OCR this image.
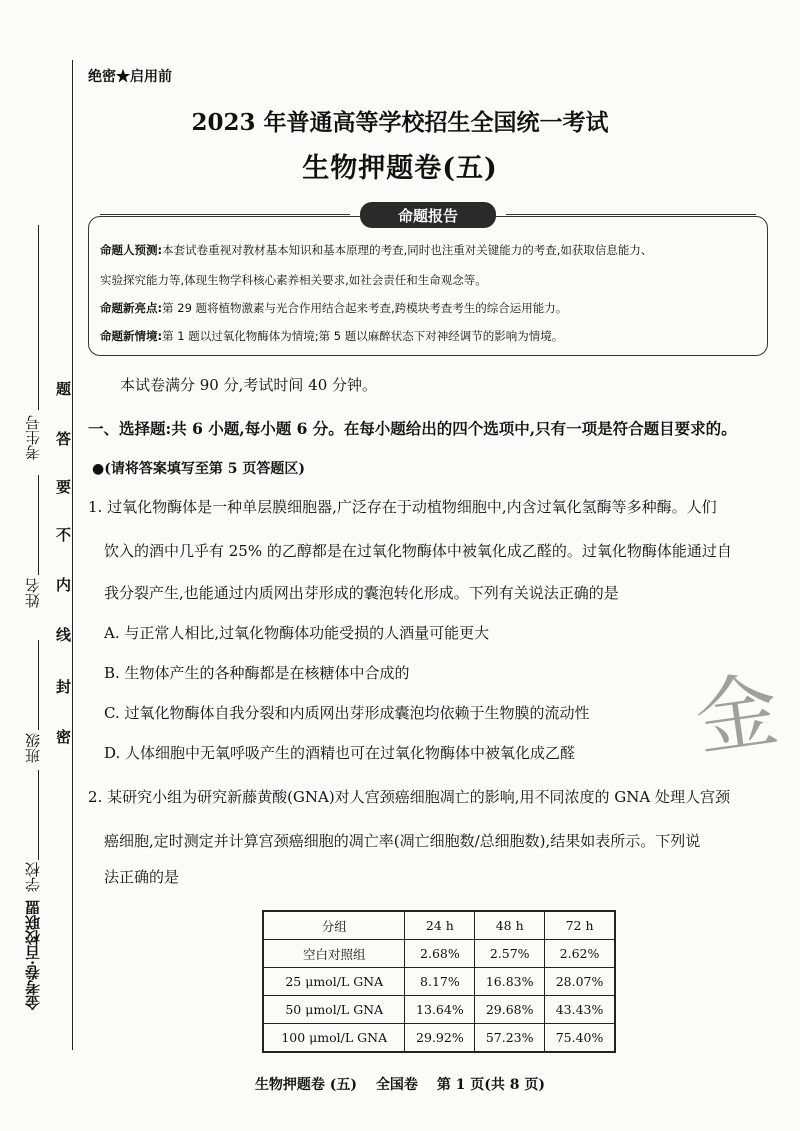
题
答
要
不
内
线
封
密
考生号
姓名
班级
学校
金考卷·百校联盟
绝密★启用前
2023 年普通高等学校招生全国统一考试
生物押题卷(五)
命题报告
命题人预测:本套试卷重视对教材基本知识和基本原理的考查,同时也注重对关键能力的考查,如获取信息能力、
实验探究能力等,体现生物学科核心素养相关要求,如社会责任和生命观念等。
命题新亮点:第 29 题将植物激素与光合作用结合起来考查,跨模块考查考生的综合运用能力。
命题新情境:第 1 题以过氧化物酶体为情境;第 5 题以麻醉状态下对神经调节的影响为情境。
本试卷满分 90 分,考试时间 40 分钟。
一、选择题:共 6 小题,每小题 6 分。在每小题给出的四个选项中,只有一项是符合题目要求的。
●(请将答案填写至第 5 页答题区)
1. 过氧化物酶体是一种单层膜细胞器,广泛存在于动植物细胞中,内含过氧化氢酶等多种酶。人们
饮入的酒中几乎有 25% 的乙醇都是在过氧化物酶体中被氧化成乙醛的。过氧化物酶体能通过自
我分裂产生,也能通过内质网出芽形成的囊泡转化形成。下列有关说法正确的是
A. 与正常人相比,过氧化物酶体功能受损的人酒量可能更大
B. 生物体产生的各种酶都是在核糖体中合成的
C. 过氧化物酶体自我分裂和内质网出芽形成囊泡均依赖于生物膜的流动性
D. 人体细胞中无氧呼吸产生的酒精也可在过氧化物酶体中被氧化成乙醛
2. 某研究小组为研究新藤黄酸(GNA)对人宫颈癌细胞凋亡的影响,用不同浓度的 GNA 处理人宫颈
癌细胞,定时测定并计算宫颈癌细胞的凋亡率(凋亡细胞数/总细胞数),结果如表所示。下列说
法正确的是
分组	24 h	48 h	72 h
空白对照组	2.68%	2.57%	2.62%
25 μmol/L GNA	8.17%	16.83%	28.07%
50 μmol/L GNA	13.64%	29.68%	43.43%
100 μmol/L GNA	29.92%	57.23%	75.40%
金
生物押题卷 (五) 全国卷 第 1 页(共 8 页)
